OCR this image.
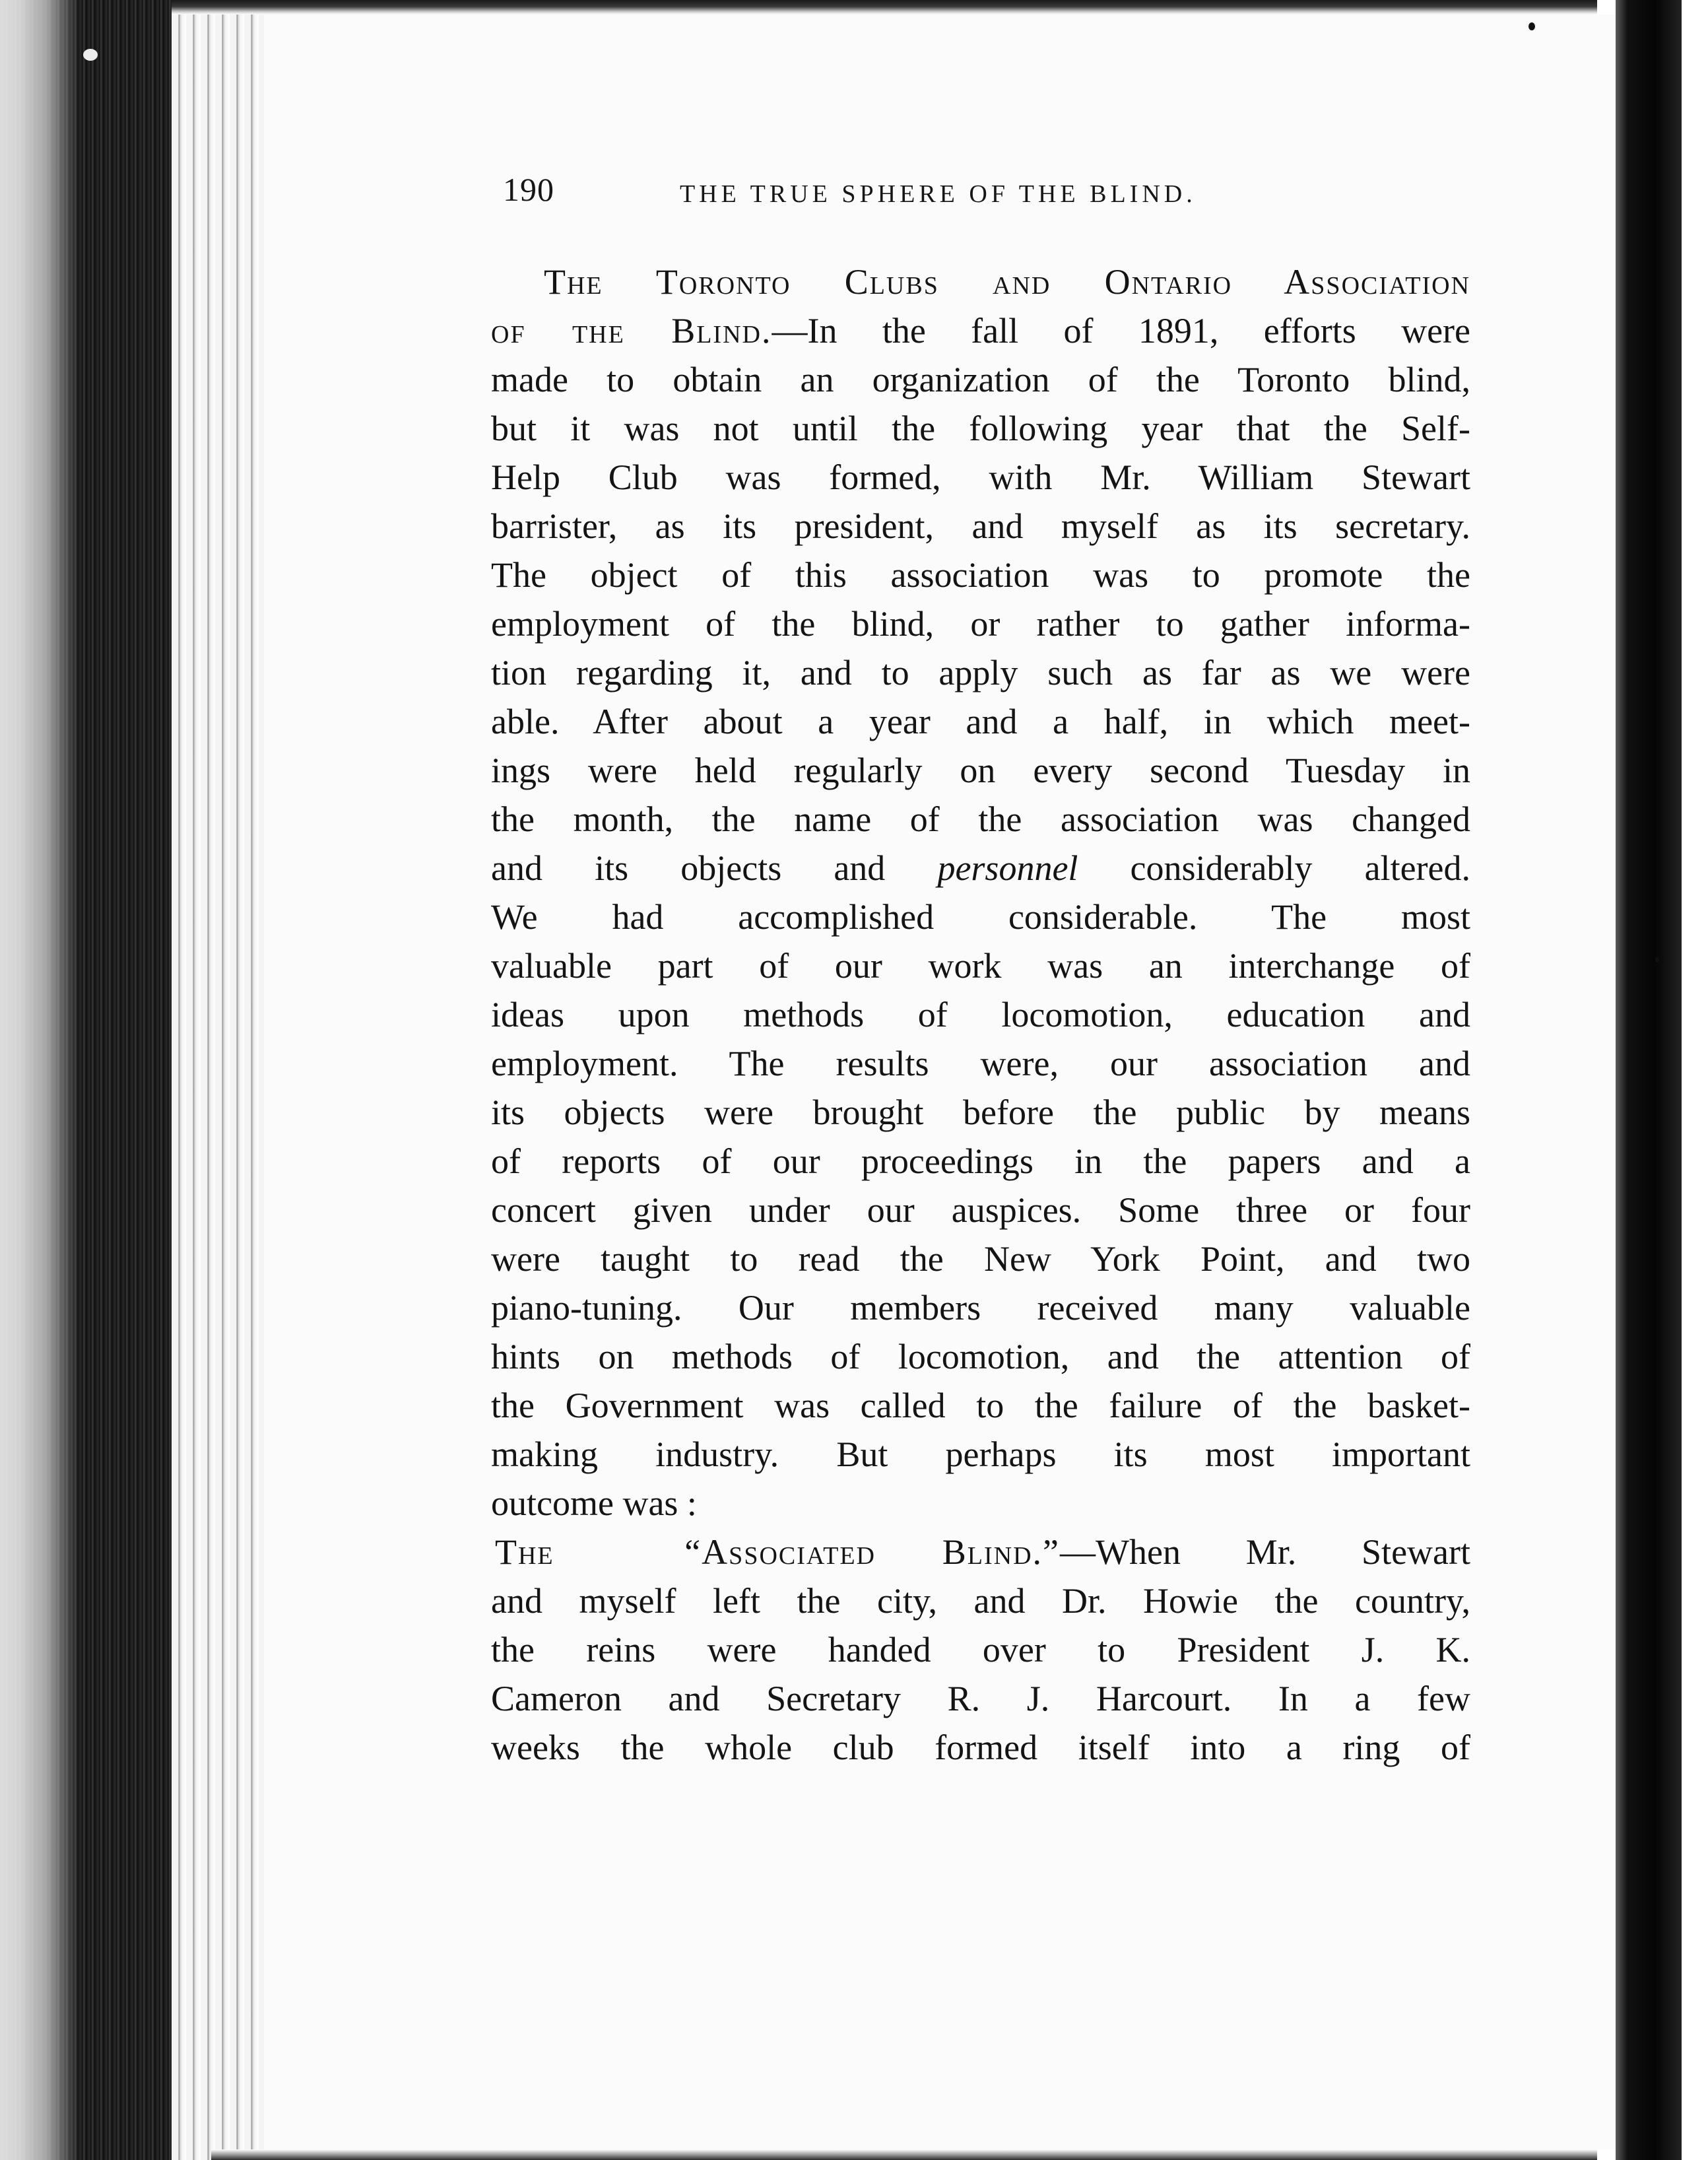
190	THE TRUE SPHERE OF THE BLIND.
The Toronto Clubs and Ontario Association
of the Blind.—In the fall of 1891, efforts were
made to obtain an organization of the Toronto blind,
but it was not until the following year that the Self-
Help Club was formed, with Mr. William Stewart
barrister, as its president, and myself as its secretary.
The object of this association was to promote the
employment of the blind, or rather to gather informa-
tion regarding it, and to apply such as far as we were
able. After about a year and a half, in which meet-
ings were held regularly on every second Tuesday in
the month, the name of the association was changed
and its objects and personnel considerably altered.
We had accomplished considerable. The most
valuable part of our work was an interchange of
ideas upon methods of locomotion, education and
employment. The results were, our association and
its objects were brought before the public by means
of reports of our proceedings in the papers and a
concert given under our auspices. Some three or four
were taught to read the New York Point, and two
piano-tuning. Our members received many valuable
hints on methods of locomotion, and the attention of
the Government was called to the failure of the basket-
making industry. But perhaps its most important
outcome was :
The	“Associated Blind.”—When Mr. Stewart
and myself left the city, and Dr. Howie the country,
the reins were handed over to President J. K.
Cameron and Secretary R. J. Harcourt. In a few
weeks the whole club formed itself into a ring of
